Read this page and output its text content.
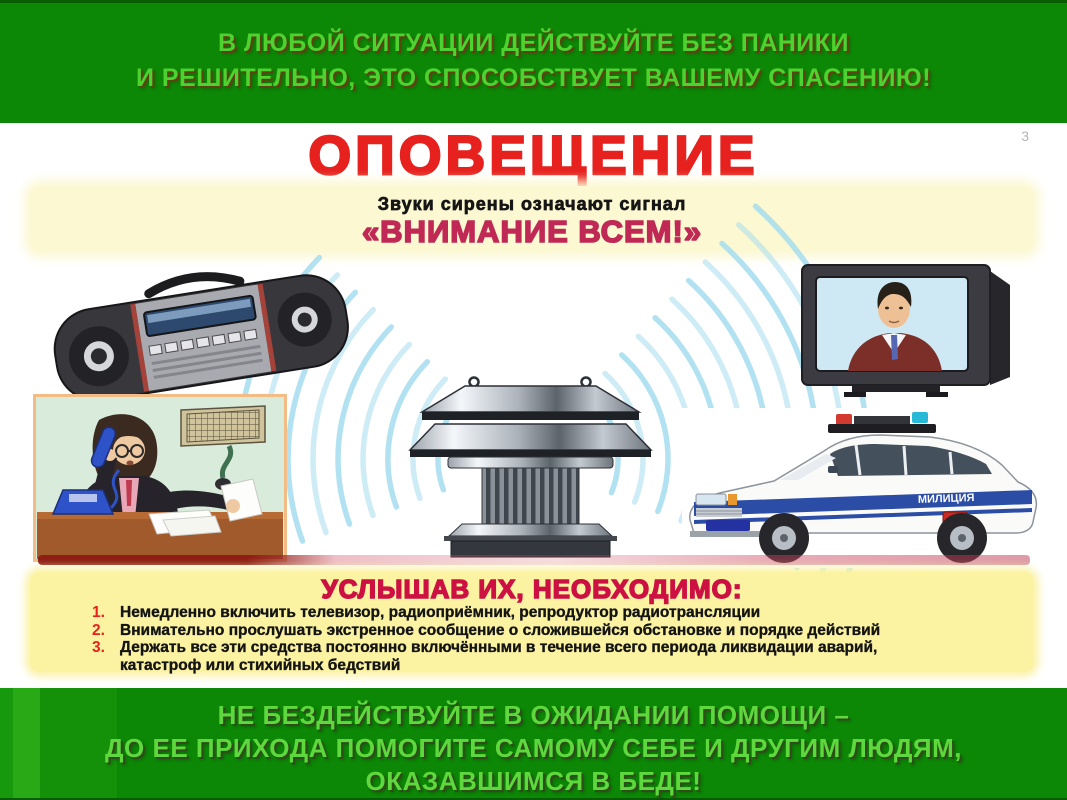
В ЛЮБОЙ СИТУАЦИИ ДЕЙСТВУЙТЕ БЕЗ ПАНИКИ
И РЕШИТЕЛЬНО, ЭТО СПОСОБСТВУЕТ ВАШЕМУ СПАСЕНИЮ!
3
ОПОВЕЩЕНИЕ
Звуки сирены означают сигнал
«ВНИМАНИЕ ВСЕМ!»
МИЛИЦИЯ
УСЛЫШАВ ИХ, НЕОБХОДИМО:
1. Немедленно включить телевизор, радиоприёмник, репродуктор радиотрансляции
2. Внимательно прослушать экстренное сообщение о сложившейся обстановке и порядке действий
3. Держать все эти средства постоянно включёнными в течение всего периода ликвидации аварий, катастроф или стихийных бедствий
НЕ БЕЗДЕЙСТВУЙТЕ В ОЖИДАНИИ ПОМОЩИ –
ДО ЕЕ ПРИХОДА ПОМОГИТЕ САМОМУ СЕБЕ И ДРУГИМ ЛЮДЯМ,
ОКАЗАВШИМСЯ В БЕДЕ!
